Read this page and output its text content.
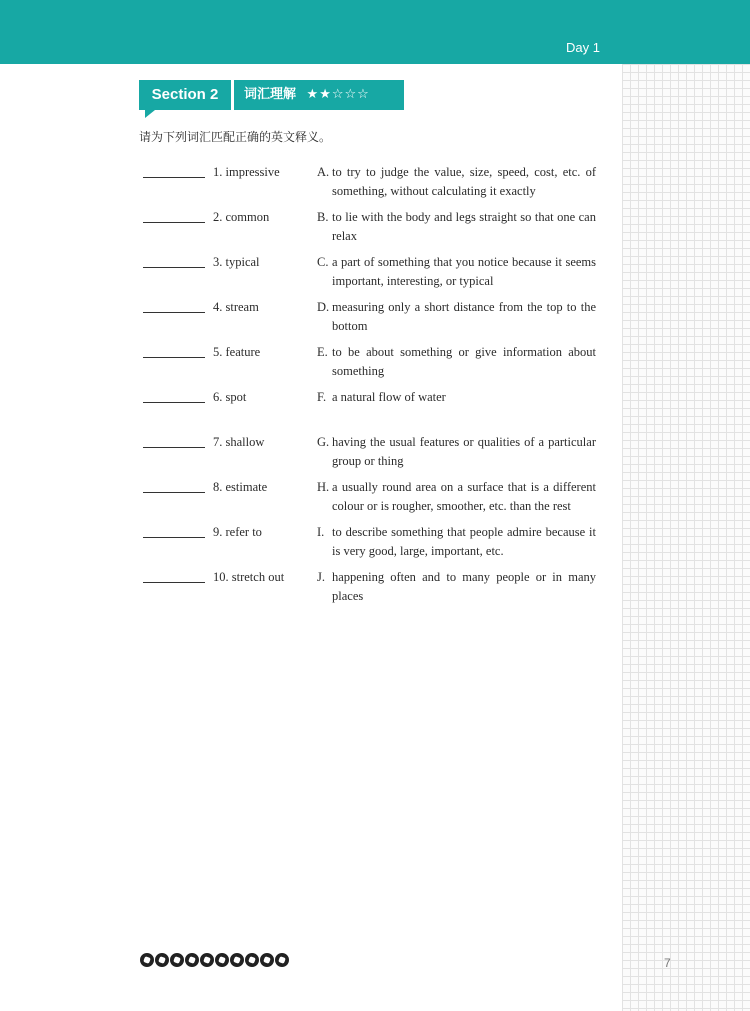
Day 1
Section 2	词汇理解 ★★☆☆☆
请为下列词汇匹配正确的英文释义。
1. impressive	A. to try to judge the value, size, speed, cost, etc. of something, without calculating it exactly
2. common	B. to lie with the body and legs straight so that one can relax
3. typical	C. a part of something that you notice because it seems important, interesting, or typical
4. stream	D. measuring only a short distance from the top to the bottom
5. feature	E. to be about something or give information about something
6. spot	F. a natural flow of water
7. shallow	G. having the usual features or qualities of a particular group or thing
8. estimate	H. a usually round area on a surface that is a different colour or is rougher, smoother, etc. than the rest
9. refer to	I. to describe something that people admire because it is very good, large, important, etc.
10. stretch out	J. happening often and to many people or in many places
7
